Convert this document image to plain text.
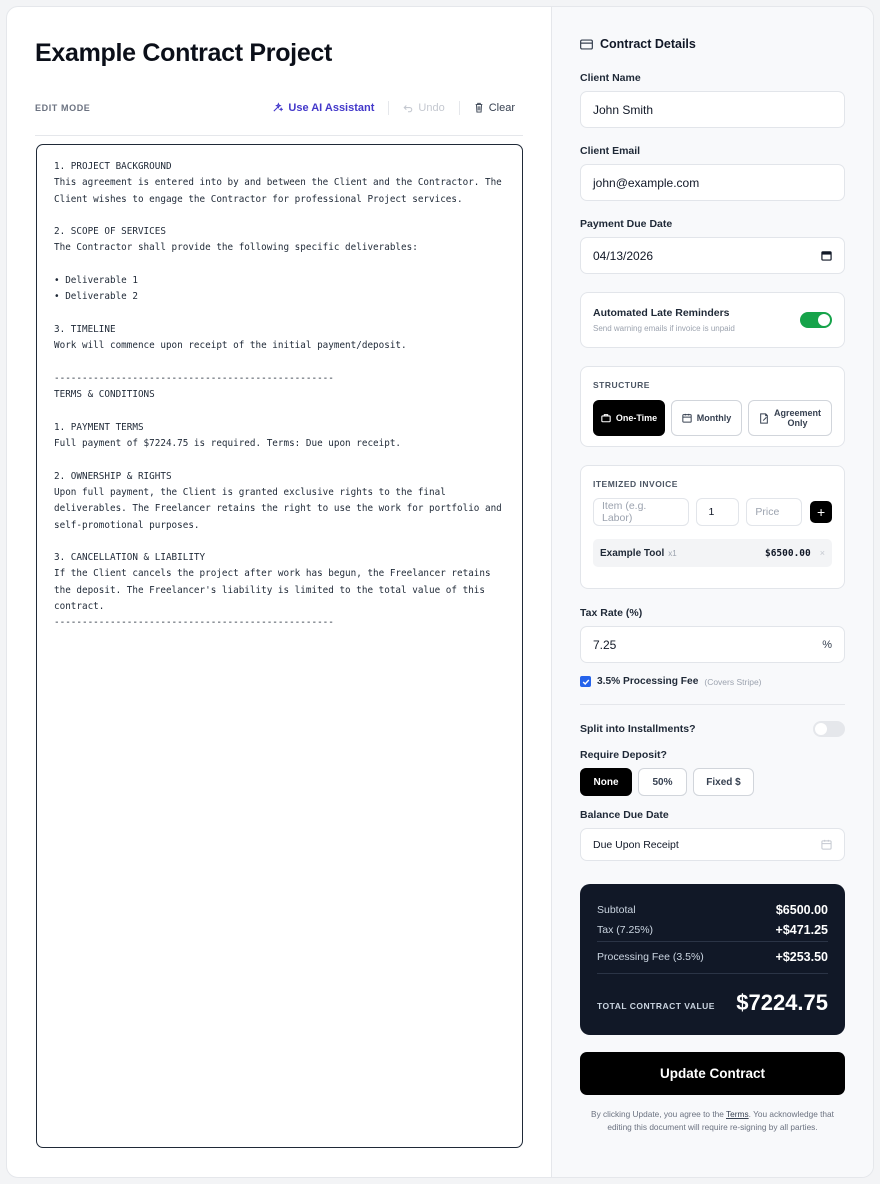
Example Contract Project
EDIT MODE	Use AI Assistant	Undo	Clear
1. PROJECT BACKGROUND
This agreement is entered into by and between the Client and the Contractor. The Client wishes to engage the Contractor for professional Project services.

2. SCOPE OF SERVICES
The Contractor shall provide the following specific deliverables:

• Deliverable 1
• Deliverable 2

3. TIMELINE
Work will commence upon receipt of the initial payment/deposit.

--------------------------------------------------
TERMS & CONDITIONS

1. PAYMENT TERMS
Full payment of $7224.75 is required. Terms: Due upon receipt.

2. OWNERSHIP & RIGHTS
Upon full payment, the Client is granted exclusive rights to the final deliverables. The Freelancer retains the right to use the work for portfolio and self-promotional purposes.

3. CANCELLATION & LIABILITY
If the Client cancels the project after work has begun, the Freelancer retains the deposit. The Freelancer's liability is limited to the total value of this contract.
--------------------------------------------------
Contract Details
Client Name
John Smith
Client Email
john@example.com
Payment Due Date
04/13/2026
Automated Late Reminders
Send warning emails if invoice is unpaid
STRUCTURE
One-Time	Monthly	Agreement Only
ITEMIZED INVOICE
Item (e.g. Labor)	1	Price	+
Example Tool x1	$6500.00 ×
Tax Rate (%)
7.25	%
3.5% Processing Fee (Covers Stripe)
Split into Installments?
Require Deposit?
None	50%	Fixed $
Balance Due Date
Due Upon Receipt
Subtotal	$6500.00
Tax (7.25%)	+$471.25
Processing Fee (3.5%)	+$253.50
TOTAL CONTRACT VALUE $7224.75
Update Contract
By clicking Update, you agree to the Terms. You acknowledge that editing this document will require re-signing by all parties.
